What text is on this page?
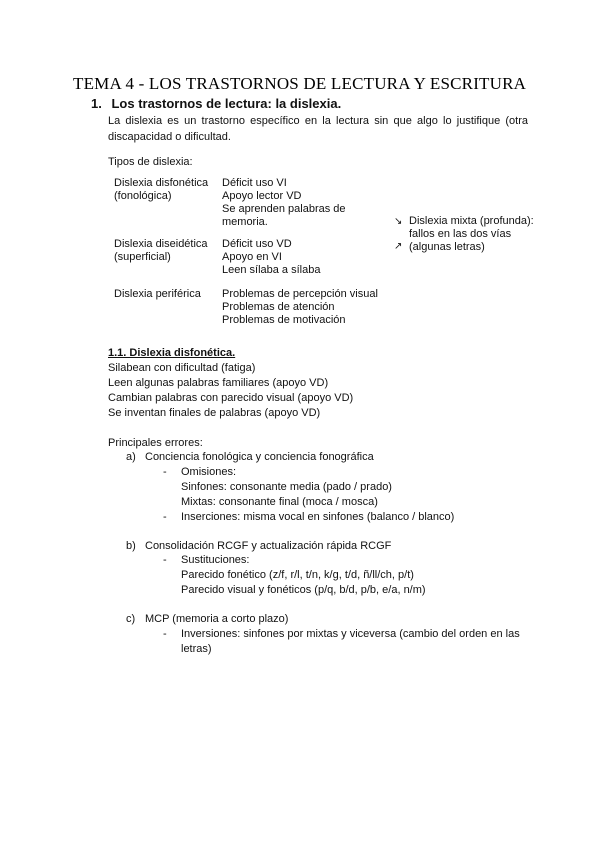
TEMA 4 - LOS TRASTORNOS DE LECTURA Y ESCRITURA
1. Los trastornos de lectura: la dislexia.
La dislexia es un trastorno específico en la lectura sin que algo lo justifique (otra discapacidad o dificultad.
Tipos de dislexia:
Dislexia disfonética
(fonológica)
Déficit uso VI
Apoyo lector VD
Se aprenden palabras de
memoria.
Dislexia diseidética
(superficial)
Déficit uso VD
Apoyo en VI
Leen sílaba a sílaba
Dislexia periférica Problemas de percepción visual
Problemas de atención
Problemas de motivación
↘
↗
Dislexia mixta (profunda):
fallos en las dos vías
(algunas letras)
1.1. Dislexia disfonética.
Silabean con dificultad (fatiga)
Leen algunas palabras familiares (apoyo VD)
Cambian palabras con parecido visual (apoyo VD)
Se inventan finales de palabras (apoyo VD)
Principales errores:
a) Conciencia fonológica y conciencia fonográfica
- Omisiones:
Sinfones: consonante media (pado / prado)
Mixtas: consonante final (moca / mosca)
- Inserciones: misma vocal en sinfones (balanco / blanco)
b) Consolidación RCGF y actualización rápida RCGF
- Sustituciones:
Parecido fonético (z/f, r/l, t/n, k/g, t/d, ñ/ll/ch, p/t)
Parecido visual y fonéticos (p/q, b/d, p/b, e/a, n/m)
c) MCP (memoria a corto plazo)
- Inversiones: sinfones por mixtas y viceversa (cambio del orden en las
letras)
